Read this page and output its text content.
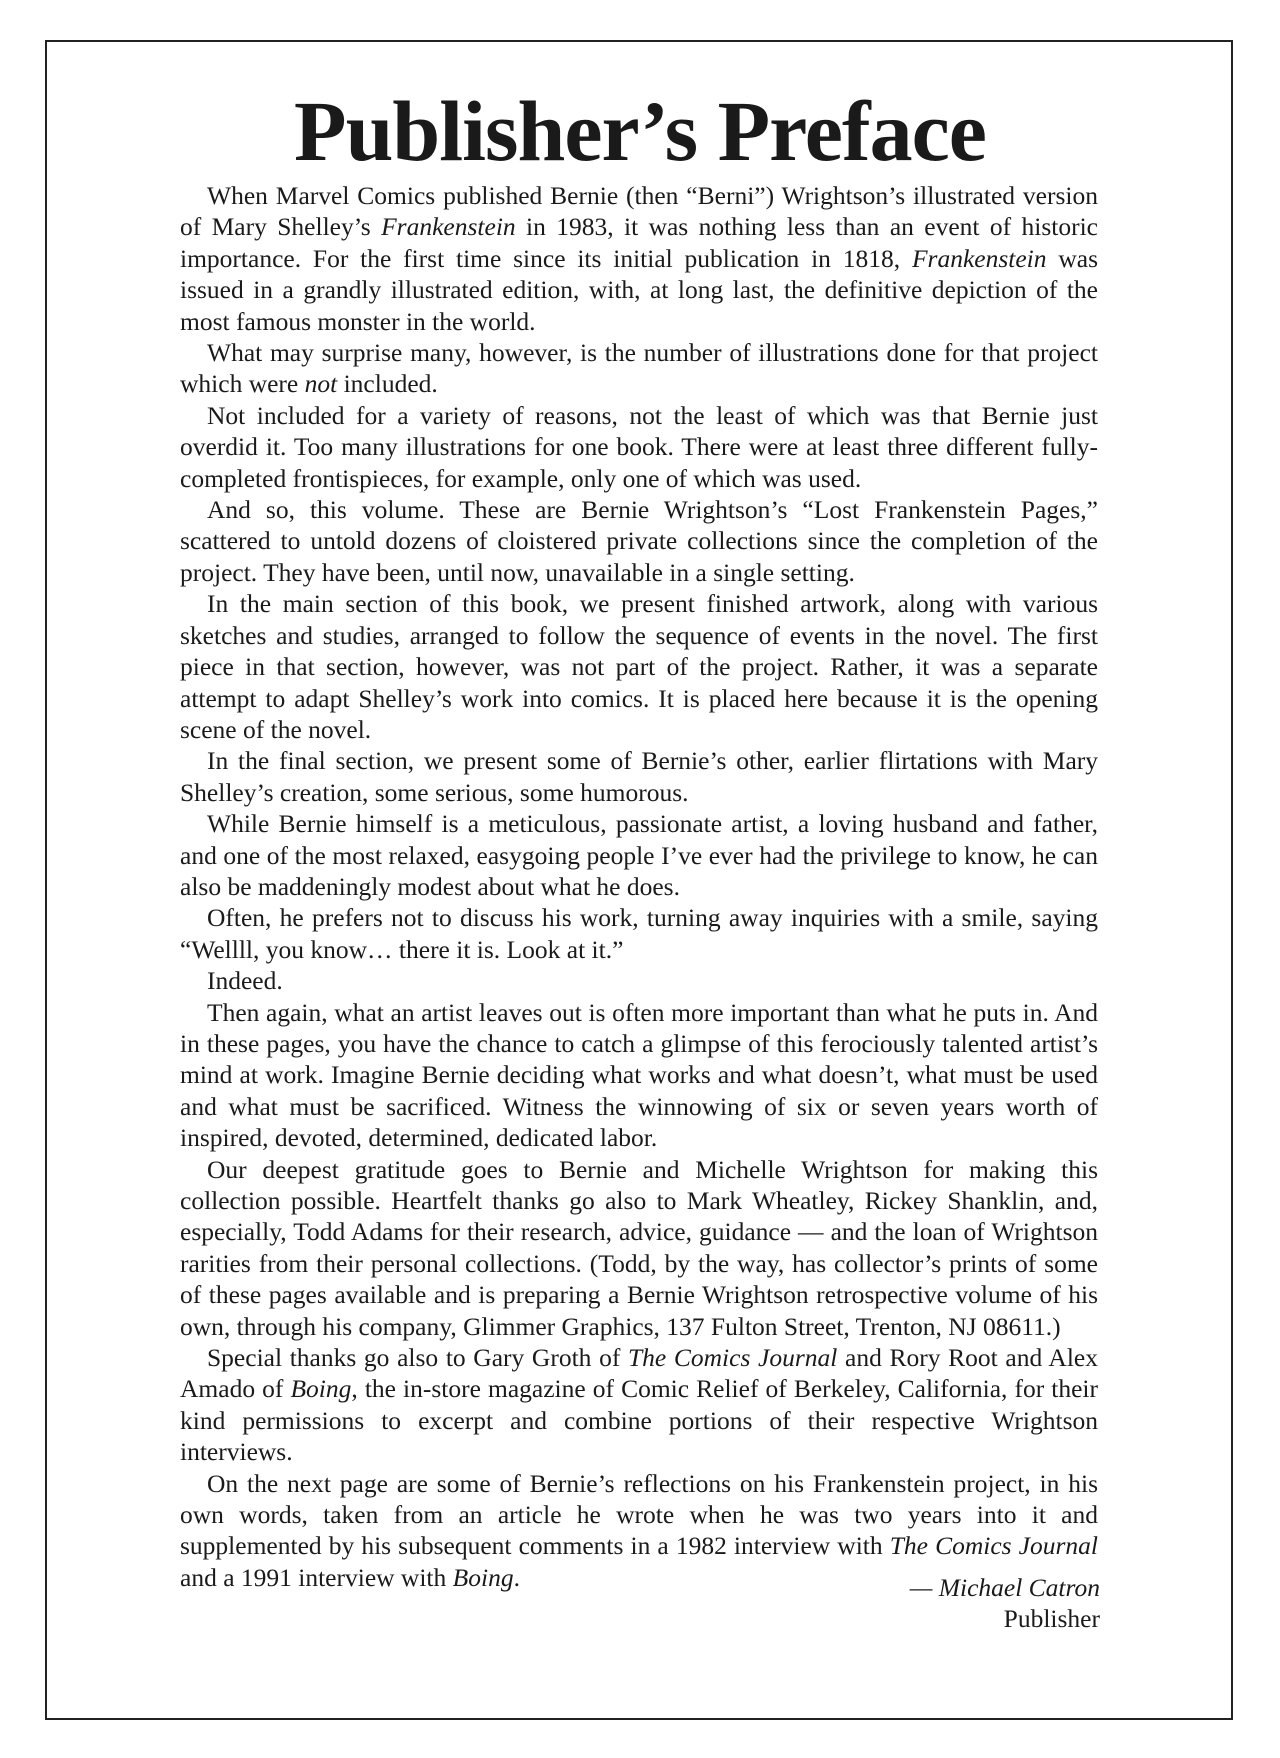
Publisher’s Preface

When Marvel Comics published Bernie (then “Berni”) Wrightson’s illustrated version of Mary Shelley’s Frankenstein in 1983, it was nothing less than an event of historic importance. For the first time since its initial publication in 1818, Frankenstein was issued in a grandly illustrated edition, with, at long last, the definitive depiction of the most famous monster in the world.

What may surprise many, however, is the number of illustrations done for that project which were not included.

Not included for a variety of reasons, not the least of which was that Bernie just overdid it. Too many illustrations for one book. There were at least three different fully-completed frontispieces, for example, only one of which was used.

And so, this volume. These are Bernie Wrightson’s “Lost Frankenstein Pages,” scattered to untold dozens of cloistered private collections since the completion of the project. They have been, until now, unavailable in a single setting.

In the main section of this book, we present finished artwork, along with various sketches and studies, arranged to follow the sequence of events in the novel. The first piece in that section, however, was not part of the project. Rather, it was a separate attempt to adapt Shelley’s work into comics. It is placed here because it is the opening scene of the novel.

In the final section, we present some of Bernie’s other, earlier flirtations with Mary Shelley’s creation, some serious, some humorous.

While Bernie himself is a meticulous, passionate artist, a loving husband and father, and one of the most relaxed, easygoing people I’ve ever had the privilege to know, he can also be maddeningly modest about what he does.

Often, he prefers not to discuss his work, turning away inquiries with a smile, saying “Wellll, you know… there it is. Look at it.”

Indeed.

Then again, what an artist leaves out is often more important than what he puts in. And in these pages, you have the chance to catch a glimpse of this ferociously talented artist’s mind at work. Imagine Bernie deciding what works and what doesn’t, what must be used and what must be sacrificed. Witness the winnowing of six or seven years worth of inspired, devoted, determined, dedicated labor.

Our deepest gratitude goes to Bernie and Michelle Wrightson for making this collection possible. Heartfelt thanks go also to Mark Wheatley, Rickey Shanklin, and, especially, Todd Adams for their research, advice, guidance — and the loan of Wrightson rarities from their personal collections. (Todd, by the way, has collector’s prints of some of these pages available and is preparing a Bernie Wrightson retrospective volume of his own, through his company, Glimmer Graphics, 137 Fulton Street, Trenton, NJ 08611.)

Special thanks go also to Gary Groth of The Comics Journal and Rory Root and Alex Amado of Boing, the in-store magazine of Comic Relief of Berkeley, California, for their kind permissions to excerpt and combine portions of their respective Wrightson interviews.

On the next page are some of Bernie’s reflections on his Frankenstein project, in his own words, taken from an article he wrote when he was two years into it and supplemented by his subsequent comments in a 1982 interview with The Comics Journal and a 1991 interview with Boing.	— Michael Catron
Publisher
